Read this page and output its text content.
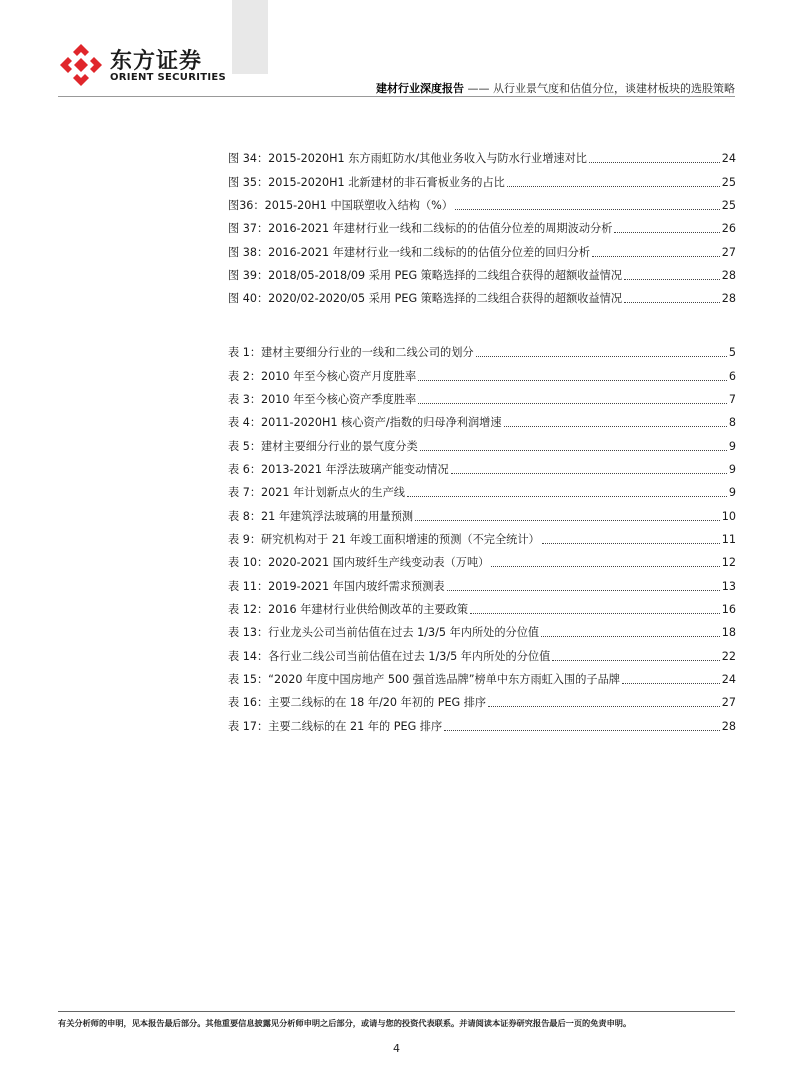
东方证券
ORIENT SECURITIES
建材行业深度报告 —— 从行业景气度和估值分位，谈建材板块的选股策略
图 34：2015-2020H1 东方雨虹防水/其他业务收入与防水行业增速对比	24
图 35：2015-2020H1 北新建材的非石膏板业务的占比	25
图36：2015-20H1 中国联塑收入结构（%）	25
图 37：2016-2021 年建材行业一线和二线标的的估值分位差的周期波动分析	26
图 38：2016-2021 年建材行业一线和二线标的的估值分位差的回归分析	27
图 39：2018/05-2018/09 采用 PEG 策略选择的二线组合获得的超额收益情况	28
图 40：2020/02-2020/05 采用 PEG 策略选择的二线组合获得的超额收益情况	28
表 1：建材主要细分行业的一线和二线公司的划分	5
表 2：2010 年至今核心资产月度胜率	6
表 3：2010 年至今核心资产季度胜率	7
表 4：2011-2020H1 核心资产/指数的归母净利润增速	8
表 5：建材主要细分行业的景气度分类	9
表 6：2013-2021 年浮法玻璃产能变动情况	9
表 7：2021 年计划新点火的生产线	9
表 8：21 年建筑浮法玻璃的用量预测	10
表 9：研究机构对于 21 年竣工面积增速的预测（不完全统计）	11
表 10：2020-2021 国内玻纤生产线变动表（万吨）	12
表 11：2019-2021 年国内玻纤需求预测表	13
表 12：2016 年建材行业供给侧改革的主要政策	16
表 13：行业龙头公司当前估值在过去 1/3/5 年内所处的分位值	18
表 14：各行业二线公司当前估值在过去 1/3/5 年内所处的分位值	22
表 15：“2020 年度中国房地产 500 强首选品牌”榜单中东方雨虹入围的子品牌	24
表 16：主要二线标的在 18 年/20 年初的 PEG 排序	27
表 17：主要二线标的在 21 年的 PEG 排序	28
有关分析师的申明，见本报告最后部分。其他重要信息披露见分析师申明之后部分，或请与您的投资代表联系。并请阅读本证券研究报告最后一页的免责申明。
4
